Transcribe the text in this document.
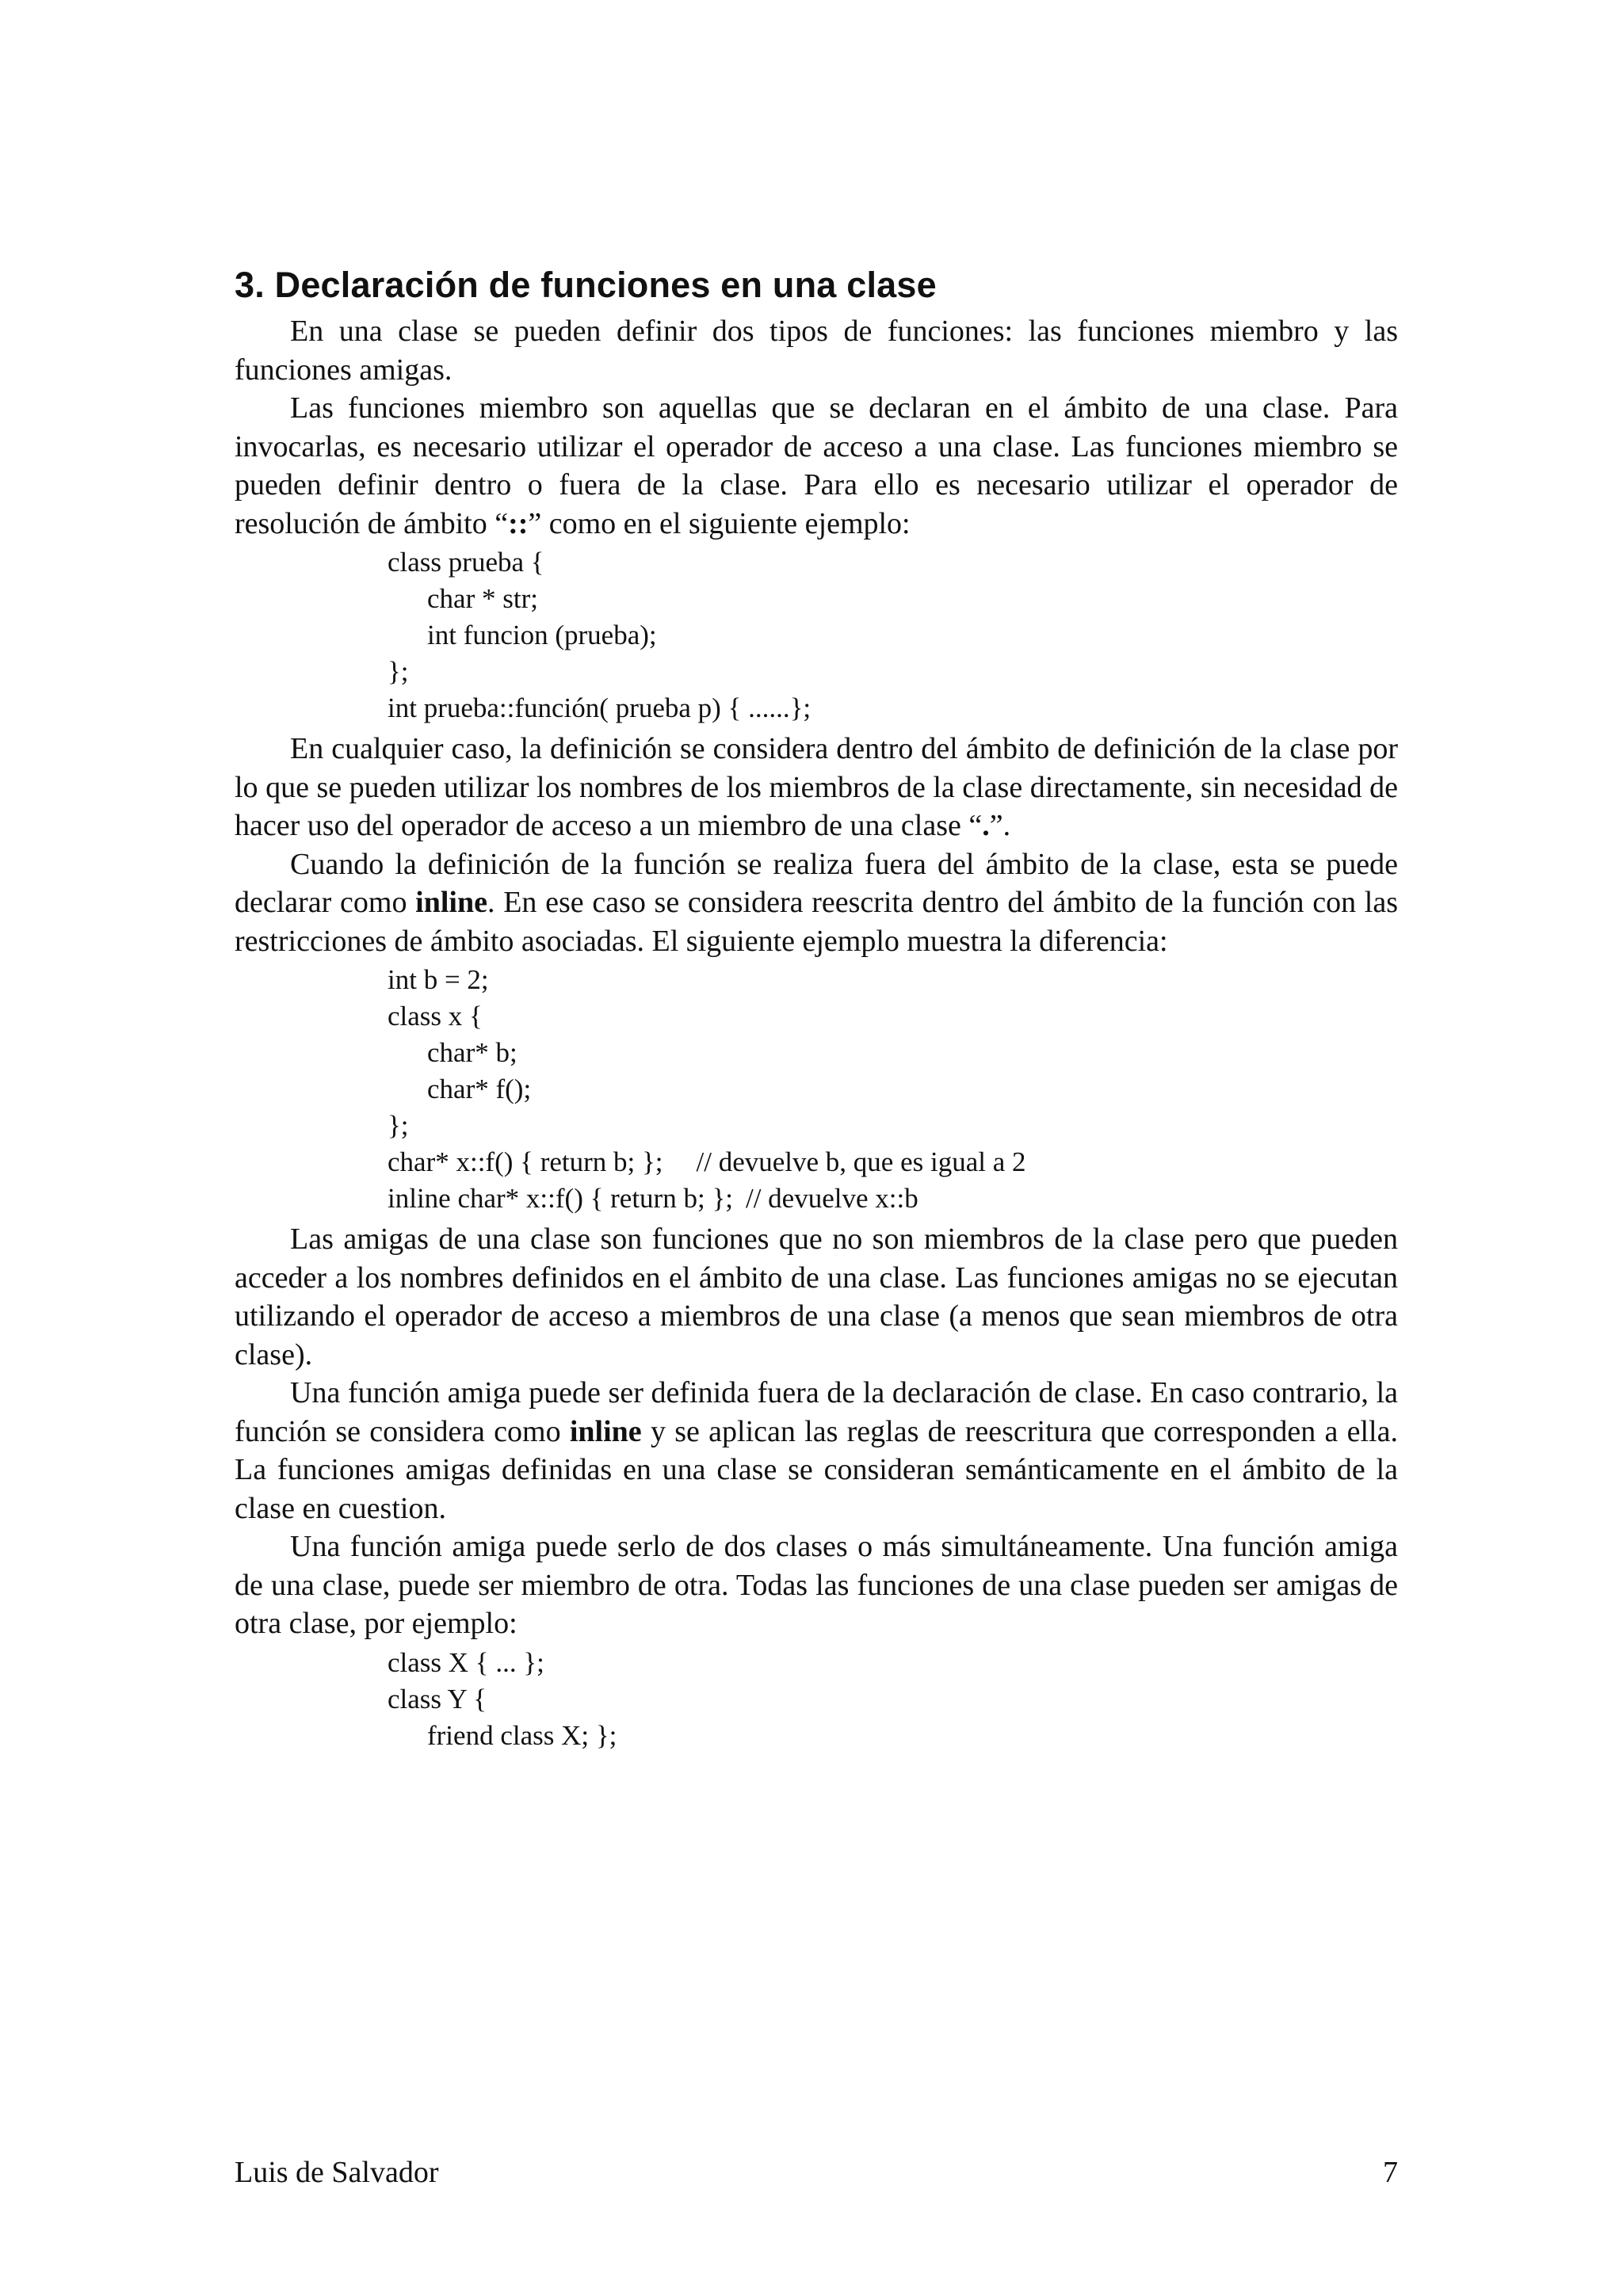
3. Declaración de funciones en una clase

En una clase se pueden definir dos tipos de funciones: las funciones miembro y las funciones amigas.

Las funciones miembro son aquellas que se declaran en el ámbito de una clase. Para invocarlas, es necesario utilizar el operador de acceso a una clase. Las funciones miembro se pueden definir dentro o fuera de la clase. Para ello es necesario utilizar el operador de resolución de ámbito “::” como en el siguiente ejemplo:

class prueba {
char * str;
int funcion (prueba);
};
int prueba::función( prueba p) { ......};

En cualquier caso, la definición se considera dentro del ámbito de definición de la clase por lo que se pueden utilizar los nombres de los miembros de la clase directamente, sin necesidad de hacer uso del operador de acceso a un miembro de una clase “.”.

Cuando la definición de la función se realiza fuera del ámbito de la clase, esta se puede declarar como inline. En ese caso se considera reescrita dentro del ámbito de la función con las restricciones de ámbito asociadas. El siguiente ejemplo muestra la diferencia:

int b = 2;
class x {
char* b;
char* f();
};
char* x::f() { return b; }; // devuelve b, que es igual a 2
inline char* x::f() { return b; }; // devuelve x::b

Las amigas de una clase son funciones que no son miembros de la clase pero que pueden acceder a los nombres definidos en el ámbito de una clase. Las funciones amigas no se ejecutan utilizando el operador de acceso a miembros de una clase (a menos que sean miembros de otra clase).

Una función amiga puede ser definida fuera de la declaración de clase. En caso contrario, la función se considera como inline y se aplican las reglas de reescritura que corresponden a ella. La funciones amigas definidas en una clase se consideran semánticamente en el ámbito de la clase en cuestion.

Una función amiga puede serlo de dos clases o más simultáneamente. Una función amiga de una clase, puede ser miembro de otra. Todas las funciones de una clase pueden ser amigas de otra clase, por ejemplo:

class X { ... };
class Y {
friend class X; };
Luis de Salvador	7
